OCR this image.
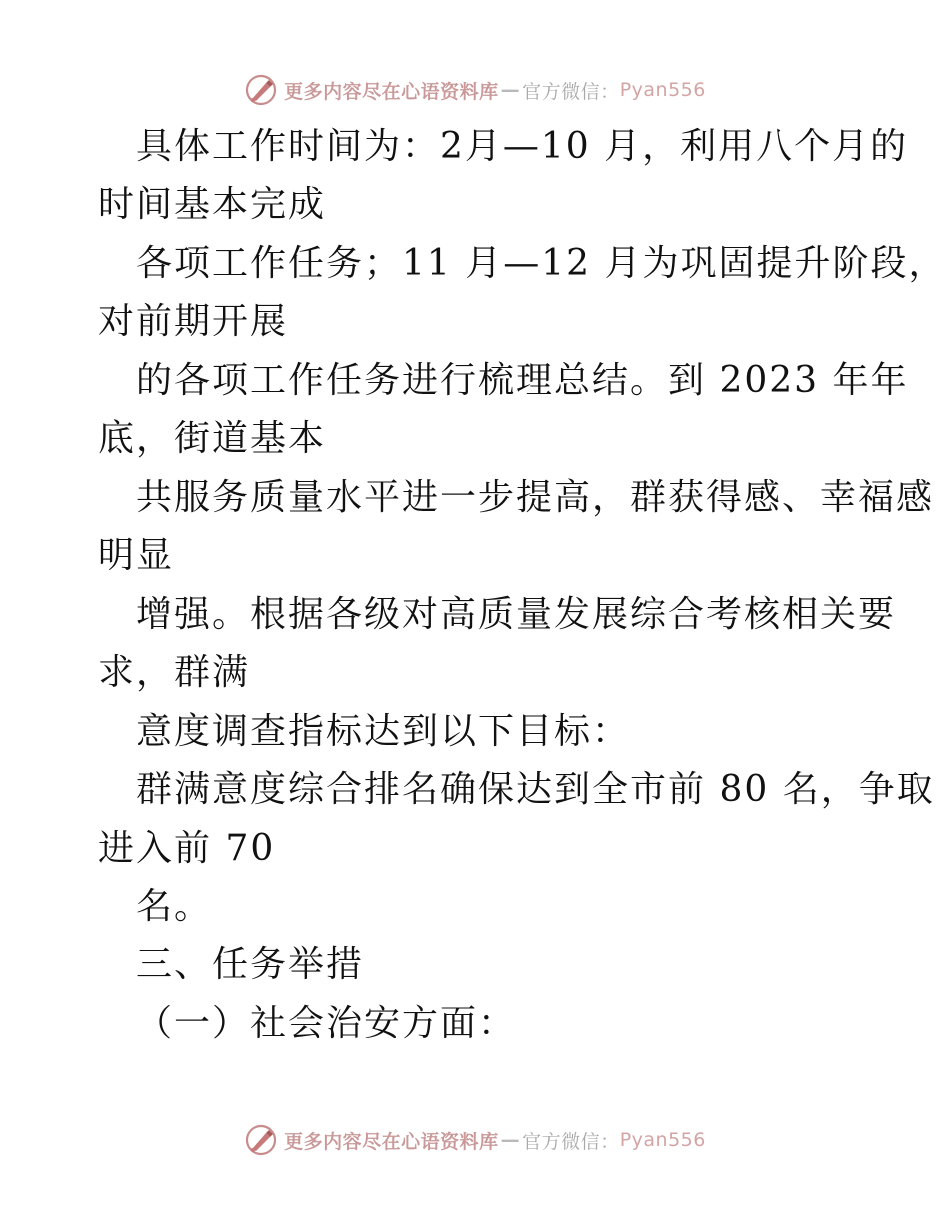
更多内容尽在心语资料库 — 官方微信： Pyan556
具体工作时间为：2月—10 月，利用八个月的
时间基本完成
各项工作任务；11 月—12 月为巩固提升阶段，
对前期开展
的各项工作任务进行梳理总结。到 2023 年年
底，街道基本
共服务质量水平进一步提高，群获得感、幸福感
明显
增强。根据各级对高质量发展综合考核相关要
求，群满
意度调查指标达到以下目标：
群满意度综合排名确保达到全市前 80 名，争取
进入前 70
名。
三、任务举措
（一）社会治安方面：
更多内容尽在心语资料库 — 官方微信： Pyan556
